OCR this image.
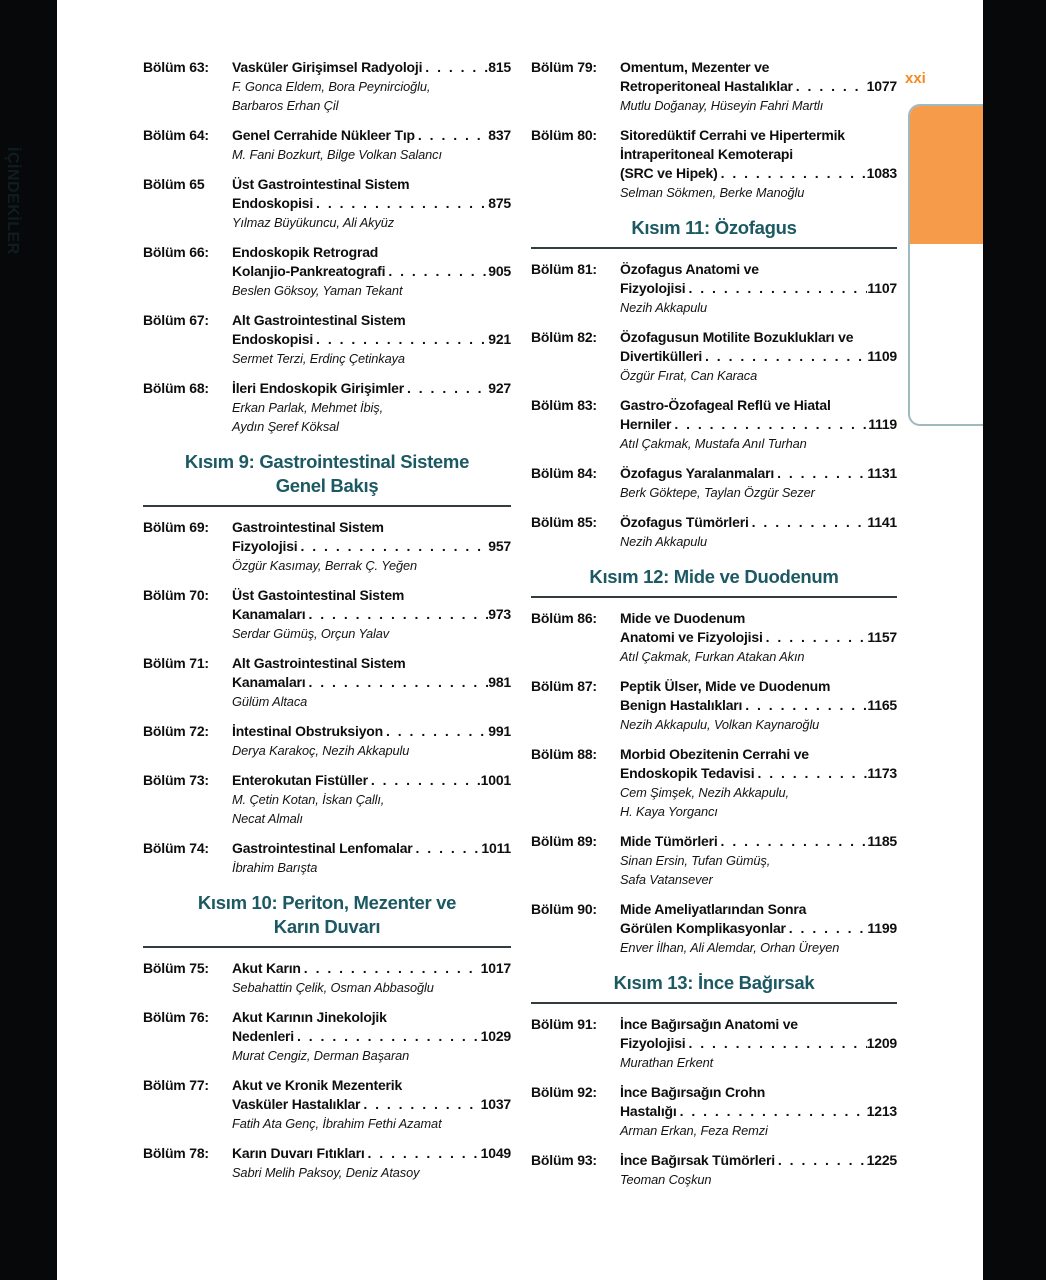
Bölüm 63:	Vasküler Girişimsel Radyoloji . . .	815
F. Gonca Eldem, Bora Peynircioğlu,
Barbaros Erhan Çil
Bölüm 64:	Genel Cerrahide Nükleer Tıp . . .	837
M. Fani Bozkurt, Bilge Volkan Salancı
Bölüm 65	Üst Gastrointestinal Sistem
Endoskopisi . . .	875
Yılmaz Büyükuncu, Ali Akyüz
Bölüm 66:	Endoskopik Retrograd
Kolanjio-Pankreatografi . . .	905
Beslen Göksoy, Yaman Tekant
Bölüm 67:	Alt Gastrointestinal Sistem
Endoskopisi . . .	921
Sermet Terzi, Erdinç Çetinkaya
Bölüm 68:	İleri Endoskopik Girişimler . . .	927
Erkan Parlak, Mehmet İbiş,
Aydın Şeref Köksal
Kısım 9: Gastrointestinal Sisteme
Genel Bakış
Bölüm 69:	Gastrointestinal Sistem
Fizyolojisi . . .	957
Özgür Kasımay, Berrak Ç. Yeğen
Bölüm 70:	Üst Gastointestinal Sistem
Kanamaları . . .	973
Serdar Gümüş, Orçun Yalav
Bölüm 71:	Alt Gastrointestinal Sistem
Kanamaları . . .	981
Gülüm Altaca
Bölüm 72:	İntestinal Obstruksiyon . . .	991
Derya Karakoç, Nezih Akkapulu
Bölüm 73:	Enterokutan Fistüller . . .	1001
M. Çetin Kotan, İskan Çallı,
Necat Almalı
Bölüm 74:	Gastrointestinal Lenfomalar . . .	1011
İbrahim Barışta
Kısım 10: Periton, Mezenter ve
Karın Duvarı
Bölüm 75:	Akut Karın . . .	1017
Sebahattin Çelik, Osman Abbasoğlu
Bölüm 76:	Akut Karının Jinekolojik
Nedenleri . . .	1029
Murat Cengiz, Derman Başaran
Bölüm 77:	Akut ve Kronik Mezenterik
Vasküler Hastalıklar . . .	1037
Fatih Ata Genç, İbrahim Fethi Azamat
Bölüm 78:	Karın Duvarı Fıtıkları . . .	1049
Sabri Melih Paksoy, Deniz Atasoy
Bölüm 79:	Omentum, Mezenter ve
Retroperitoneal Hastalıklar . . .	1077
Mutlu Doğanay, Hüseyin Fahri Martlı
Bölüm 80:	Sitoredüktif Cerrahi ve Hipertermik
İntraperitoneal Kemoterapi
(SRC ve Hipek) . . .	1083
Selman Sökmen, Berke Manoğlu
Kısım 11: Özofagus
Bölüm 81:	Özofagus Anatomi ve
Fizyolojisi . . .	1107
Nezih Akkapulu
Bölüm 82:	Özofagusun Motilite Bozuklukları ve
Divertikülleri . . .	1109
Özgür Fırat, Can Karaca
Bölüm 83:	Gastro-Özofageal Reflü ve Hiatal
Herniler . . .	1119
Atıl Çakmak, Mustafa Anıl Turhan
Bölüm 84:	Özofagus Yaralanmaları . . .	1131
Berk Göktepe, Taylan Özgür Sezer
Bölüm 85:	Özofagus Tümörleri . . .	1141
Nezih Akkapulu
Kısım 12: Mide ve Duodenum
Bölüm 86:	Mide ve Duodenum
Anatomi ve Fizyolojisi . . .	1157
Atıl Çakmak, Furkan Atakan Akın
Bölüm 87:	Peptik Ülser, Mide ve Duodenum
Benign Hastalıkları . . .	1165
Nezih Akkapulu, Volkan Kaynaroğlu
Bölüm 88:	Morbid Obezitenin Cerrahi ve
Endoskopik Tedavisi . . .	1173
Cem Şimşek, Nezih Akkapulu,
H. Kaya Yorgancı
Bölüm 89:	Mide Tümörleri . . .	1185
Sinan Ersin, Tufan Gümüş,
Safa Vatansever
Bölüm 90:	Mide Ameliyatlarından Sonra
Görülen Komplikasyonlar . . .	1199
Enver İlhan, Ali Alemdar, Orhan Üreyen
Kısım 13: İnce Bağırsak
Bölüm 91:	İnce Bağırsağın Anatomi ve
Fizyolojisi . . .	1209
Murathan Erkent
Bölüm 92:	İnce Bağırsağın Crohn
Hastalığı . . .	1213
Arman Erkan, Feza Remzi
Bölüm 93:	İnce Bağırsak Tümörleri . . .	1225
Teoman Coşkun
xxi
İÇİNDEKİLER
